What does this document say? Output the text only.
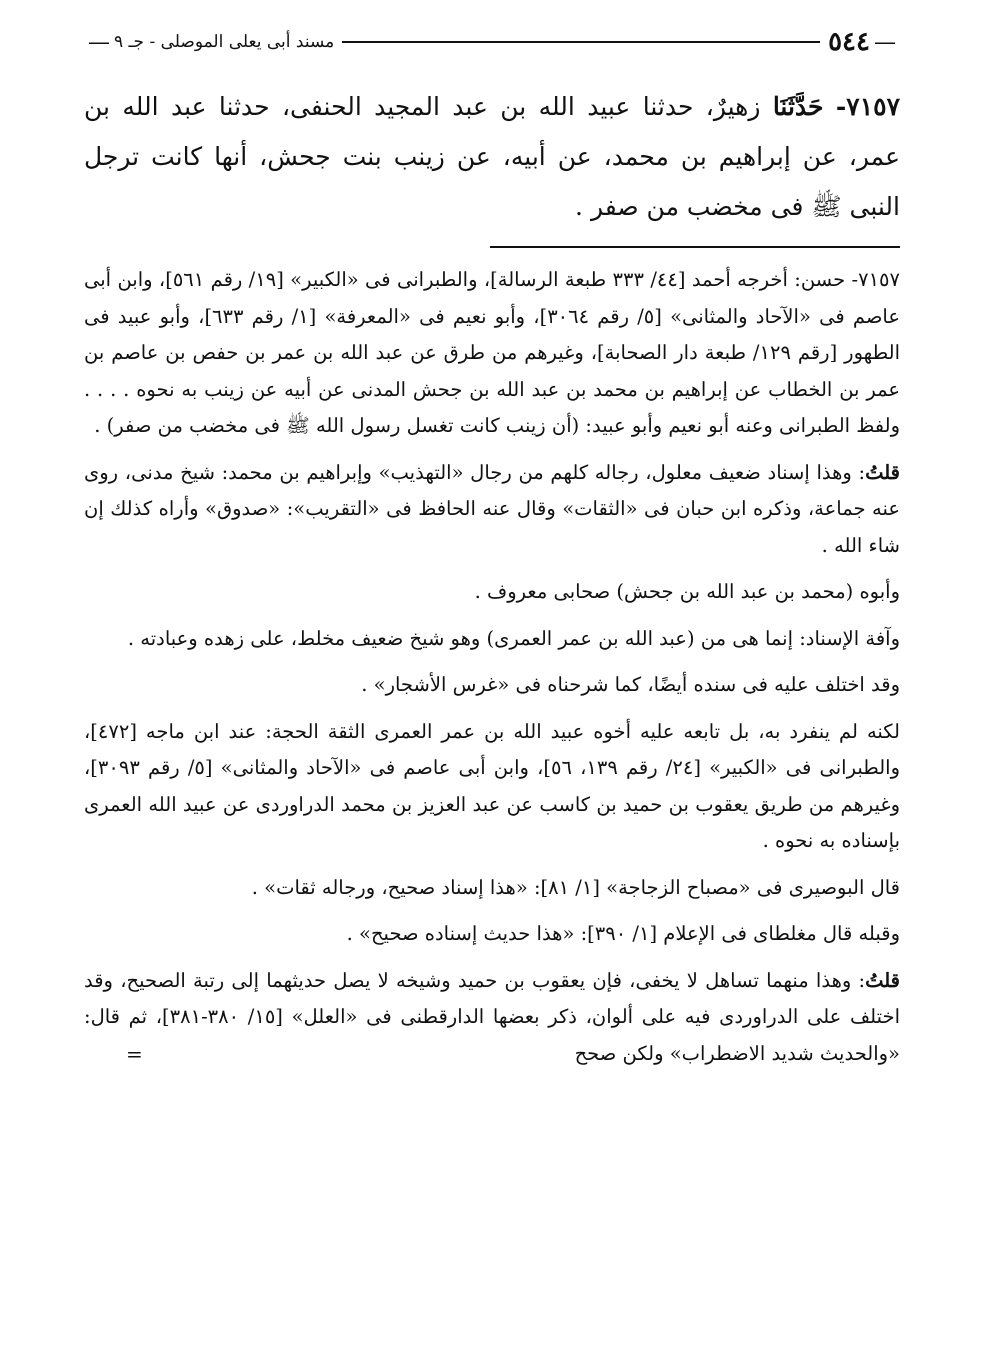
— مسند أبى يعلى الموصلى - جـ ٩	٥٤٤ —
٧١٥٧- حَدَّثَنَا زهيرٌ، حدثنا عبيد الله بن عبد المجيد الحنفى، حدثنا عبد الله بن عمر، عن إبراهيم بن محمد، عن أبيه، عن زينب بنت جحش، أنها كانت ترجل النبى ﷺ فى مخضب من صفر .

٧١٥٧- حسن: أخرجه أحمد [٤٤/ ٣٣٣ طبعة الرسالة]، والطبرانى فى «الكبير» [١٩/ رقم ٥٦١]، وابن أبى عاصم فى «الآحاد والمثانى» [٥/ رقم ٣٠٦٤]، وأبو نعيم فى «المعرفة» [١/ رقم ٦٣٣]، وأبو عبيد فى الطهور [رقم ١٢٩/ طبعة دار الصحابة]، وغيرهم من طرق عن عبد الله بن عمر بن حفص بن عاصم بن عمر بن الخطاب عن إبراهيم بن محمد بن عبد الله بن جحش المدنى عن أبيه عن زينب به نحوه . . . . ولفظ الطبرانى وعنه أبو نعيم وأبو عبيد: (أن زينب كانت تغسل رسول الله ﷺ فى مخضب من صفر) .

قلتُ: وهذا إسناد ضعيف معلول، رجاله كلهم من رجال «التهذيب» وإبراهيم بن محمد: شيخ مدنى، روى عنه جماعة، وذكره ابن حبان فى «الثقات» وقال عنه الحافظ فى «التقريب»: «صدوق» وأراه كذلك إن شاء الله .

وأبوه (محمد بن عبد الله بن جحش) صحابى معروف .

وآفة الإسناد: إنما هى من (عبد الله بن عمر العمرى) وهو شيخ ضعيف مخلط، على زهده وعبادته .

وقد اختلف عليه فى سنده أيضًا، كما شرحناه فى «غرس الأشجار» .

لكنه لم ينفرد به، بل تابعه عليه أخوه عبيد الله بن عمر العمرى الثقة الحجة: عند ابن ماجه [٤٧٢]، والطبرانى فى «الكبير» [٢٤/ رقم ١٣٩، ٥٦]، وابن أبى عاصم فى «الآحاد والمثانى» [٥/ رقم ٣٠٩٣]، وغيرهم من طريق يعقوب بن حميد بن كاسب عن عبد العزيز بن محمد الدراوردى عن عبيد الله العمرى بإسناده به نحوه .

قال البوصيرى فى «مصباح الزجاجة» [١/ ٨١]: «هذا إسناد صحيح، ورجاله ثقات» .

وقبله قال مغلطاى فى الإعلام [١/ ٣٩٠]: «هذا حديث إسناده صحيح» .

قلتُ: وهذا منهما تساهل لا يخفى، فإن يعقوب بن حميد وشيخه لا يصل حديثهما إلى رتبة الصحيح، وقد اختلف على الدراوردى فيه على ألوان، ذكر بعضها الدارقطنى فى «العلل» [١٥/ ٣٨٠-٣٨١]، ثم قال: «والحديث شديد الاضطراب» ولكن صحح
=
